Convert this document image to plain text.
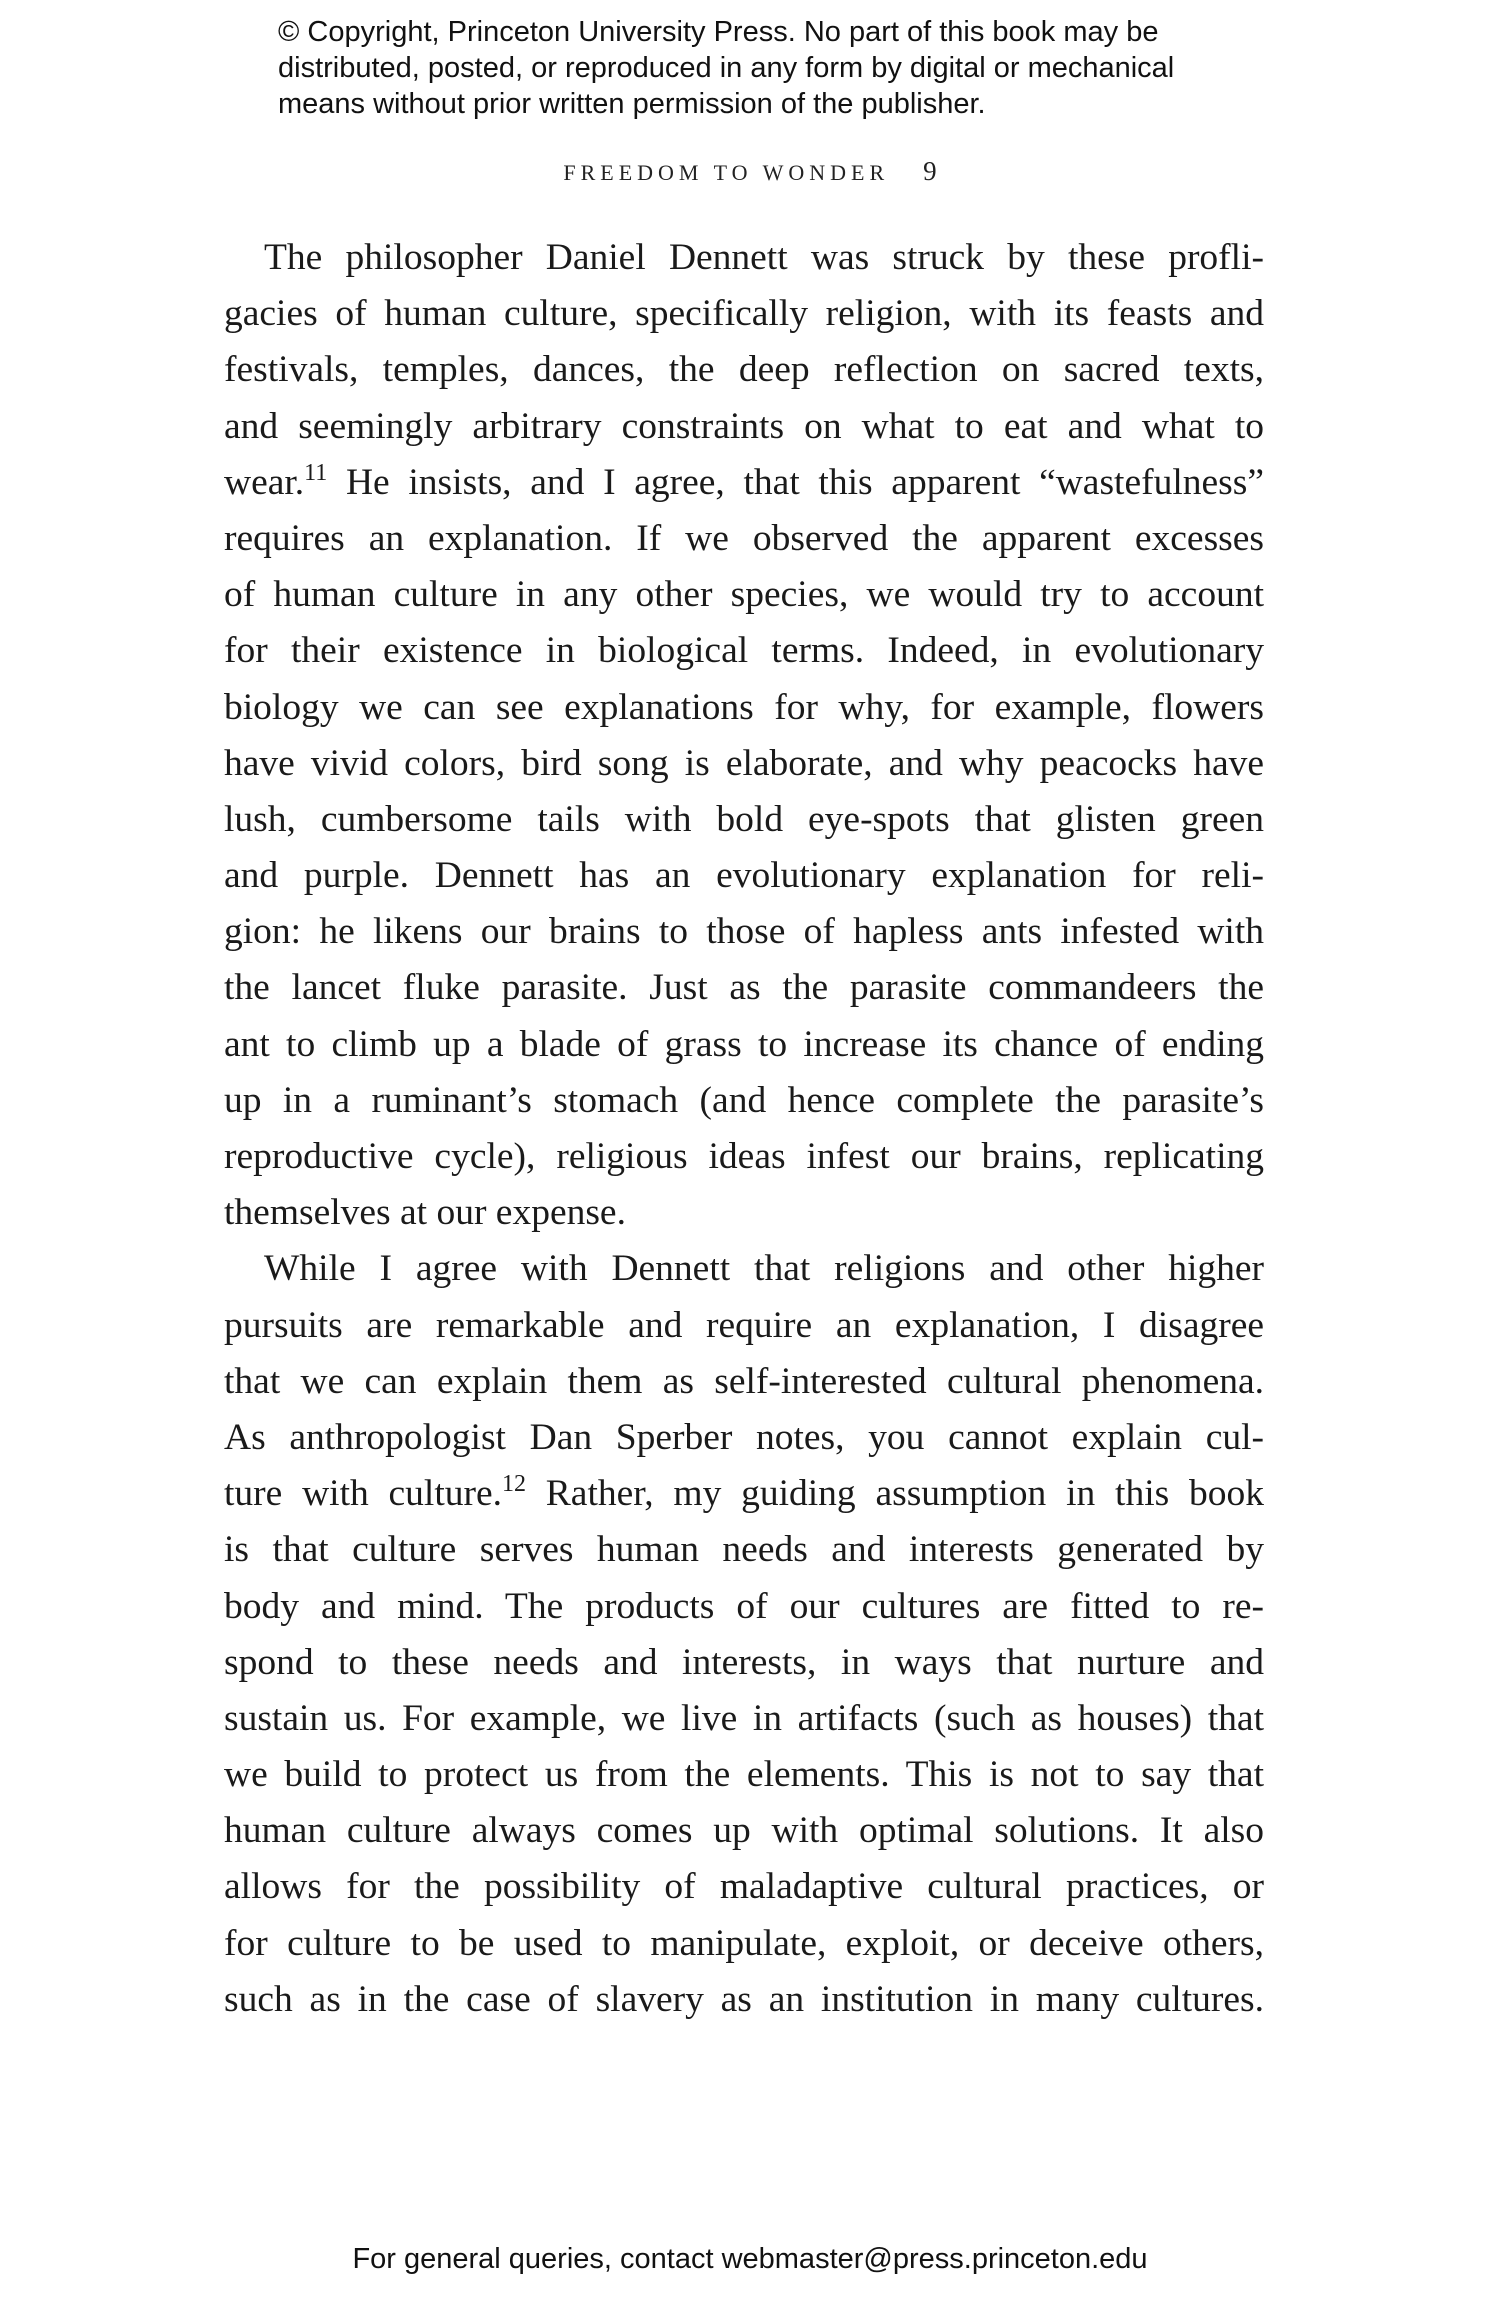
© Copyright, Princeton University Press. No part of this book may be
distributed, posted, or reproduced in any form by digital or mechanical
means without prior written permission of the publisher.
FREEDOM TO WONDER 9
The philosopher Daniel Dennett was struck by these profli-
gacies of human culture, specifically religion, with its feasts and
festivals, temples, dances, the deep reflection on sacred texts,
and seemingly arbitrary constraints on what to eat and what to
wear.$^{11}$ He insists, and I agree, that this apparent “wastefulness”
requires an explanation. If we observed the apparent excesses
of human culture in any other species, we would try to account
for their existence in biological terms. Indeed, in evolutionary
biology we can see explanations for why, for example, flowers
have vivid colors, bird song is elaborate, and why peacocks have
lush, cumbersome tails with bold eye-spots that glisten green
and purple. Dennett has an evolutionary explanation for reli-
gion: he likens our brains to those of hapless ants infested with
the lancet fluke parasite. Just as the parasite commandeers the
ant to climb up a blade of grass to increase its chance of ending
up in a ruminant’s stomach (and hence complete the parasite’s
reproductive cycle), religious ideas infest our brains, replicating
themselves at our expense.
While I agree with Dennett that religions and other higher
pursuits are remarkable and require an explanation, I disagree
that we can explain them as self-interested cultural phenomena.
As anthropologist Dan Sperber notes, you cannot explain cul-
ture with culture.$^{12}$ Rather, my guiding assumption in this book
is that culture serves human needs and interests generated by
body and mind. The products of our cultures are fitted to re-
spond to these needs and interests, in ways that nurture and
sustain us. For example, we live in artifacts (such as houses) that
we build to protect us from the elements. This is not to say that
human culture always comes up with optimal solutions. It also
allows for the possibility of maladaptive cultural practices, or
for culture to be used to manipulate, exploit, or deceive others,
such as in the case of slavery as an institution in many cultures.
For general queries, contact webmaster@press.princeton.edu
